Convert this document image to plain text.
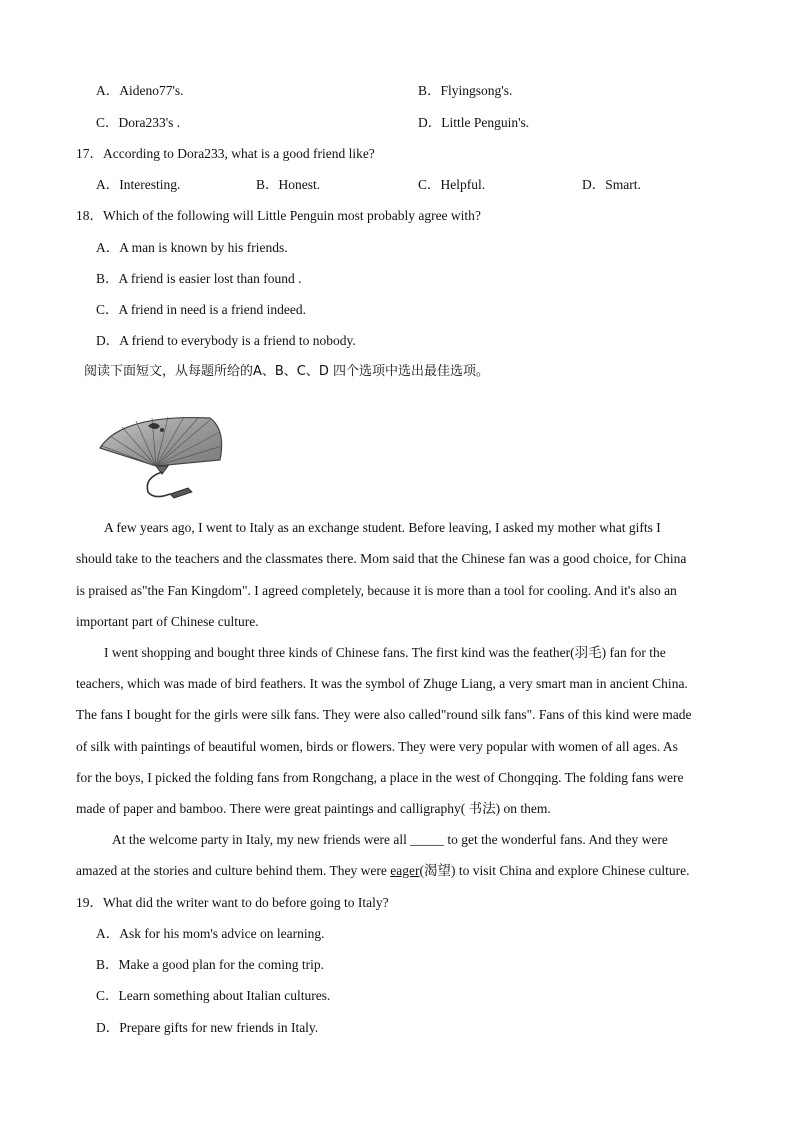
A．Aideno77's.	B．Flyingsong's.
C．Dora233's .	D．Little Penguin's.
17．According to Dora233, what is a good friend like?
A．Interesting.	B．Honest.	C．Helpful.	D．Smart.
18．Which of the following will Little Penguin most probably agree with?
A．A man is known by his friends.
B．A friend is easier lost than found .
C．A friend in need is a friend indeed.
D．A friend to everybody is a friend to nobody.
阅读下面短文，从每题所给的A、B、C、D 四个选项中选出最佳选项。
A few years ago, I went to Italy as an exchange student. Before leaving, I asked my mother what gifts I
should take to the teachers and the classmates there. Mom said that the Chinese fan was a good choice, for China
is praised as"the Fan Kingdom". I agreed completely, because it is more than a tool for cooling. And it's also an
important part of Chinese culture.
I went shopping and bought three kinds of Chinese fans. The first kind was the feather(羽毛) fan for the
teachers, which was made of bird feathers. It was the symbol of Zhuge Liang, a very smart man in ancient China.
The fans I bought for the girls were silk fans. They were also called"round silk fans". Fans of this kind were made
of silk with paintings of beautiful women, birds or flowers. They were very popular with women of all ages. As
for the boys, I picked the folding fans from Rongchang, a place in the west of Chongqing. The folding fans were
made of paper and bamboo. There were great paintings and calligraphy( 书法) on them.
At the welcome party in Italy, my new friends were all _____ to get the wonderful fans. And they were
amazed at the stories and culture behind them. They were eager(渴望) to visit China and explore Chinese culture.
19．What did the writer want to do before going to Italy?
A．Ask for his mom's advice on learning.
B．Make a good plan for the coming trip.
C．Learn something about Italian cultures.
D．Prepare gifts for new friends in Italy.
